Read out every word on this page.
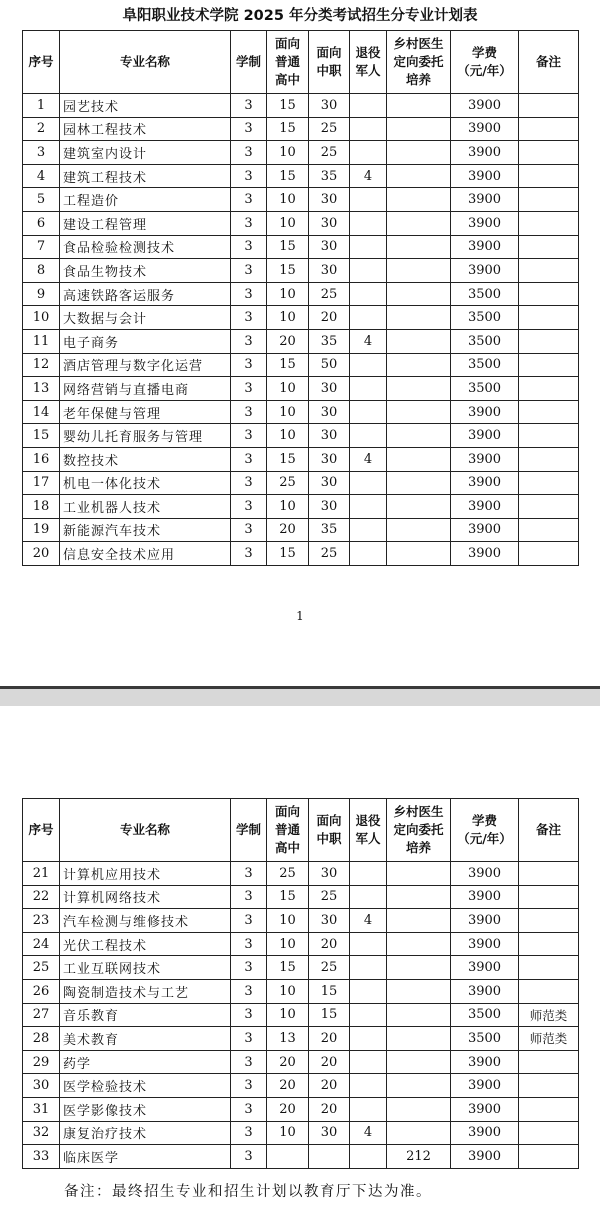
阜阳职业技术学院 2025 年分类考试招生分专业计划表
序号	专业名称	学制	面向
普通
高中	面向
中职	退役
军人	乡村医生
定向委托
培养	学费
（元/年）	备注
1	园艺技术	3	15	30			3900	
2	园林工程技术	3	15	25			3900	
3	建筑室内设计	3	10	25			3900	
4	建筑工程技术	3	15	35	4		3900	
5	工程造价	3	10	30			3900	
6	建设工程管理	3	10	30			3900	
7	食品检验检测技术	3	15	30			3900	
8	食品生物技术	3	15	30			3900	
9	高速铁路客运服务	3	10	25			3500	
10	大数据与会计	3	10	20			3500	
11	电子商务	3	20	35	4		3500	
12	酒店管理与数字化运营	3	15	50			3500	
13	网络营销与直播电商	3	10	30			3500	
14	老年保健与管理	3	10	30			3900	
15	婴幼儿托育服务与管理	3	10	30			3900	
16	数控技术	3	15	30	4		3900	
17	机电一体化技术	3	25	30			3900	
18	工业机器人技术	3	10	30			3900	
19	新能源汽车技术	3	20	35			3900	
20	信息安全技术应用	3	15	25			3900	
1
序号	专业名称	学制	面向
普通
高中	面向
中职	退役
军人	乡村医生
定向委托
培养	学费
（元/年）	备注
21	计算机应用技术	3	25	30			3900	
22	计算机网络技术	3	15	25			3900	
23	汽车检测与维修技术	3	10	30	4		3900	
24	光伏工程技术	3	10	20			3900	
25	工业互联网技术	3	15	25			3900	
26	陶瓷制造技术与工艺	3	10	15			3900	
27	音乐教育	3	10	15			3500	师范类
28	美术教育	3	13	20			3500	师范类
29	药学	3	20	20			3900	
30	医学检验技术	3	20	20			3900	
31	医学影像技术	3	20	20			3900	
32	康复治疗技术	3	10	30	4		3900	
33	临床医学	3				212	3900	
备注：最终招生专业和招生计划以教育厅下达为准。
